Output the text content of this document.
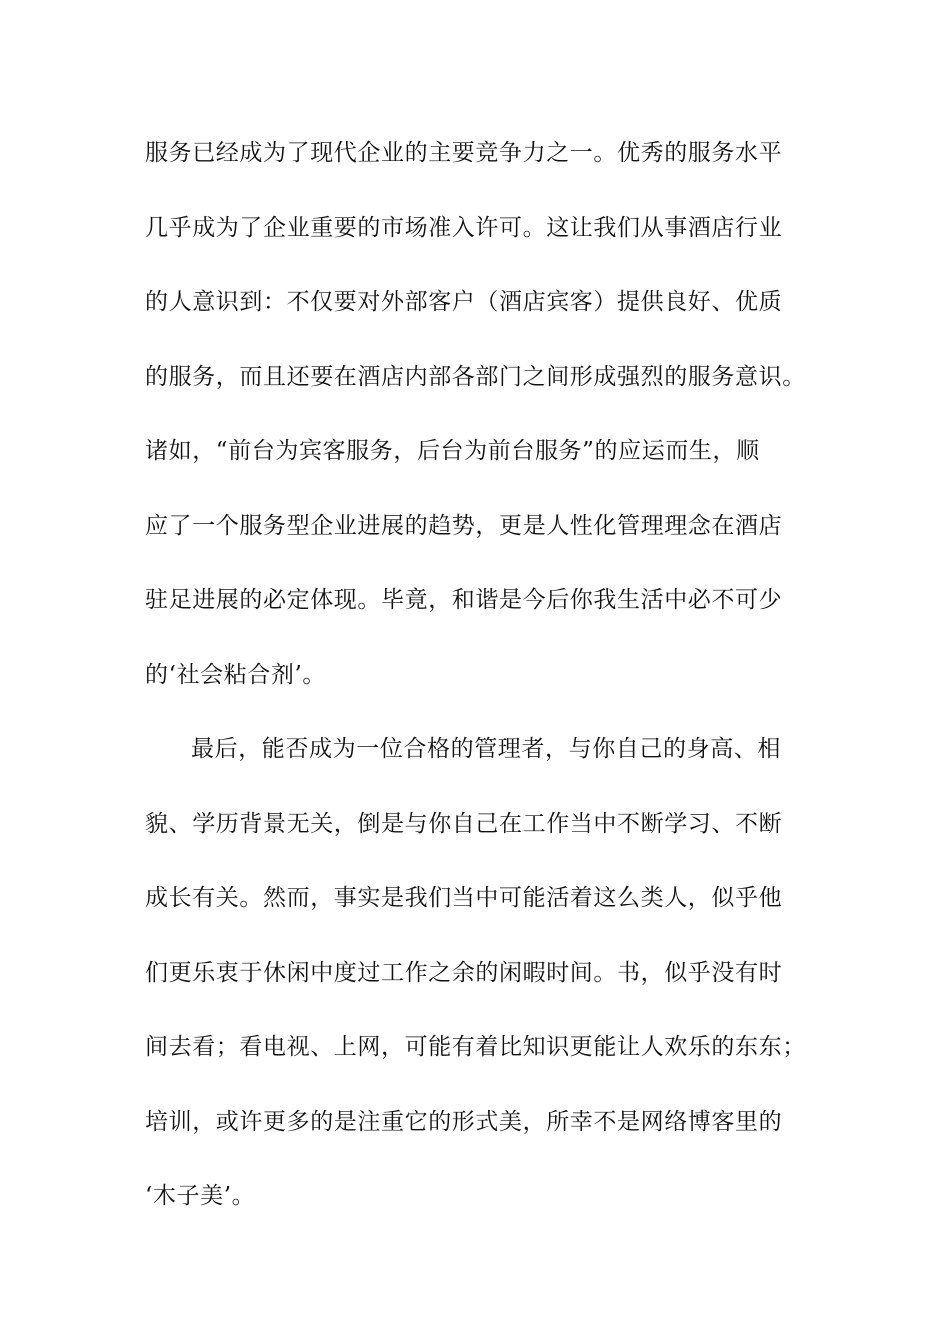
服务已经成为了现代企业的主要竞争力之一。优秀的服务水平
几乎成为了企业重要的市场准入许可。这让我们从事酒店行业
的人意识到：不仅要对外部客户（酒店宾客）提供良好、优质
的服务，而且还要在酒店内部各部门之间形成强烈的服务意识。
诸如，“前台为宾客服务，后台为前台服务”的应运而生，顺
应了一个服务型企业进展的趋势，更是人性化管理理念在酒店
驻足进展的必定体现。毕竟，和谐是今后你我生活中必不可少
的‘社会粘合剂’。
最后，能否成为一位合格的管理者，与你自己的身高、相
貌、学历背景无关，倒是与你自己在工作当中不断学习、不断
成长有关。然而，事实是我们当中可能活着这么类人，似乎他
们更乐衷于休闲中度过工作之余的闲暇时间。书，似乎没有时
间去看；看电视、上网，可能有着比知识更能让人欢乐的东东；
培训，或许更多的是注重它的形式美，所幸不是网络博客里的
‘木子美’。
